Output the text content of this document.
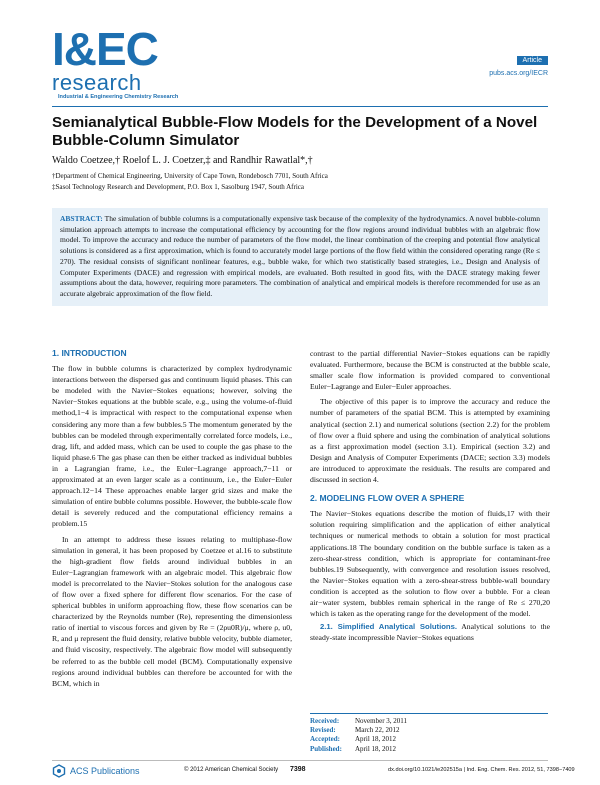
I&EC
research
Industrial & Engineering Chemistry Research
Article
pubs.acs.org/IECR
Semianalytical Bubble-Flow Models for the Development of a Novel Bubble-Column Simulator
Waldo Coetzee,† Roelof L. J. Coetzer,‡ and Randhir Rawatlal*,†
†Department of Chemical Engineering, University of Cape Town, Rondebosch 7701, South Africa
‡Sasol Technology Research and Development, P.O. Box 1, Sasolburg 1947, South Africa
ABSTRACT: The simulation of bubble columns is a computationally expensive task because of the complexity of the hydrodynamics. A novel bubble-column simulation approach attempts to increase the computational efficiency by accounting for the flow regions around individual bubbles with an algebraic flow model. To improve the accuracy and reduce the number of parameters of the flow model, the linear combination of the creeping and potential flow analytical solutions is considered as a first approximation, which is found to accurately model large portions of the flow field within the considered operating range (Re ≤ 270). The residual consists of significant nonlinear features, e.g., bubble wake, for which two statistically based strategies, i.e., Design and Analysis of Computer Experiments (DACE) and regression with empirical models, are evaluated. Both resulted in good fits, with the DACE strategy making fewer assumptions about the data, however, requiring more parameters. The combination of analytical and empirical models is therefore recommended for use as an accurate algebraic approximation of the flow field.
1. INTRODUCTION

The flow in bubble columns is characterized by complex hydrodynamic interactions between the dispersed gas and continuum liquid phases. This can be modeled with the Navier−Stokes equations; however, solving the Navier−Stokes equations at the bubble scale, e.g., using the volume-of-fluid method,1−4 is impractical with respect to the computational expense when considering any more than a few bubbles.5 The momentum generated by the bubbles can be modeled through experimentally correlated force models, i.e., drag, lift, and added mass, which can be used to couple the gas phase to the liquid phase.6 The gas phase can then be either tracked as individual bubbles in a Lagrangian frame, i.e., the Euler−Lagrange approach,7−11 or approximated at an even larger scale as a continuum, i.e., the Euler−Euler approach.12−14 These approaches enable larger grid sizes and make the simulation of entire bubble columns possible. However, the bubble-scale flow detail is severely reduced and the computational efficiency remains a problem.15

In an attempt to address these issues relating to multiphase-flow simulation in general, it has been proposed by Coetzee et al.16 to substitute the high-gradient flow fields around individual bubbles in an Euler−Lagrangian framework with an algebraic model. This algebraic flow model is precorrelated to the Navier−Stokes solution for the analogous case of flow over a fixed sphere for different flow scenarios. For the case of spherical bubbles in uniform approaching flow, these flow scenarios can be characterized by the Reynolds number (Re), representing the dimensionless ratio of inertial to viscous forces and given by Re = (2ρu0R)/μ, where ρ, u0, R, and μ represent the fluid density, relative bubble velocity, bubble diameter, and fluid viscosity, respectively. The algebraic flow model will subsequently be referred to as the bubble cell model (BCM). Computationally expensive regions around individual bubbles can therefore be accounted for with the BCM, which in

contrast to the partial differential Navier−Stokes equations can be rapidly evaluated. Furthermore, because the BCM is constructed at the bubble scale, smaller scale flow information is provided compared to conventional Euler−Lagrange and Euler−Euler approaches.

The objective of this paper is to improve the accuracy and reduce the number of parameters of the spatial BCM. This is attempted by examining analytical (section 2.1) and numerical solutions (section 2.2) for the problem of flow over a fluid sphere and using the combination of analytical solutions as a first approximation model (section 3.1). Empirical (section 3.2) and Design and Analysis of Computer Experiments (DACE; section 3.3) models are introduced to approximate the residuals. The results are compared and discussed in section 4.

2. MODELING FLOW OVER A SPHERE

The Navier−Stokes equations describe the motion of fluids,17 with their solution requiring simplification and the application of either analytical techniques or numerical methods to obtain a solution for most practical applications.18 The boundary condition on the bubble surface is taken as a zero-shear-stress condition, which is appropriate for contaminant-free bubbles.19 Subsequently, with convergence and resolution issues resolved, the Navier−Stokes equation with a zero-shear-stress bubble-wall boundary condition is accepted as the solution to flow over a bubble. For a clean air−water system, bubbles remain spherical in the range of Re ≤ 270,20 which is taken as the operating range for the development of the model.

2.1. Simplified Analytical Solutions. Analytical solutions to the steady-state incompressible Navier−Stokes equations

Received:	November 3, 2011
Revised:	March 22, 2012
Accepted:	April 18, 2012
Published:	April 18, 2012
ACS Publications	© 2012 American Chemical Society 7398	dx.doi.org/10.1021/ie202515a | Ind. Eng. Chem. Res. 2012, 51, 7398−7409
